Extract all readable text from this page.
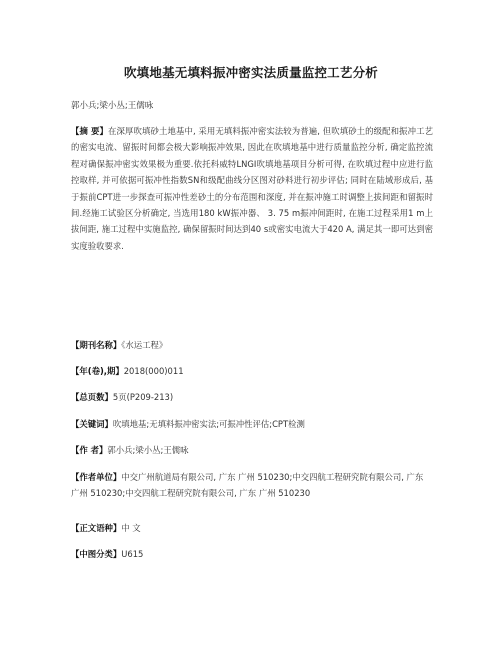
吹填地基无填料振冲密实法质量监控工艺分析
郭小兵;梁小丛;王儒咏

【摘 要】在深厚吹填砂土地基中, 采用无填料振冲密实法较为普遍, 但吹填砂土的级配和振冲工艺的密实电流、留振时间都会极大影响振冲效果, 因此在吹填地基中进行质量监控分析, 确定监控流程对确保振冲密实效果极为重要.依托科威特LNGI吹填地基项目分析可得, 在吹填过程中应进行监控取样, 并可依据可振冲性指数SN和级配曲线分区图对砂料进行初步评估; 同时在陆域形成后, 基于振前CPT进一步探查可振冲性差砂土的分布范围和深度, 并在振冲施工时调整上拔间距和留振时间.经施工试验区分析确定, 当选用180 kW振冲器、 3. 75 m振冲间距时, 在施工过程采用1 m上拔间距, 施工过程中实施监控, 确保留振时间达到40 s或密实电流大于420 A, 满足其一即可达到密实度验收要求.

【期刊名称】《水运工程》

【年(卷),期】2018(000)011

【总页数】5页(P209-213)

【关键词】吹填地基;无填料振冲密实法;可振冲性评估;CPT检测

【作 者】郭小兵;梁小丛;王儒咏

【作者单位】中交广州航道局有限公司, 广东 广州 510230;中交四航工程研究院有限公司, 广东 广州 510230;中交四航工程研究院有限公司, 广东 广州 510230

【正文语种】中 文

【中图分类】U615
